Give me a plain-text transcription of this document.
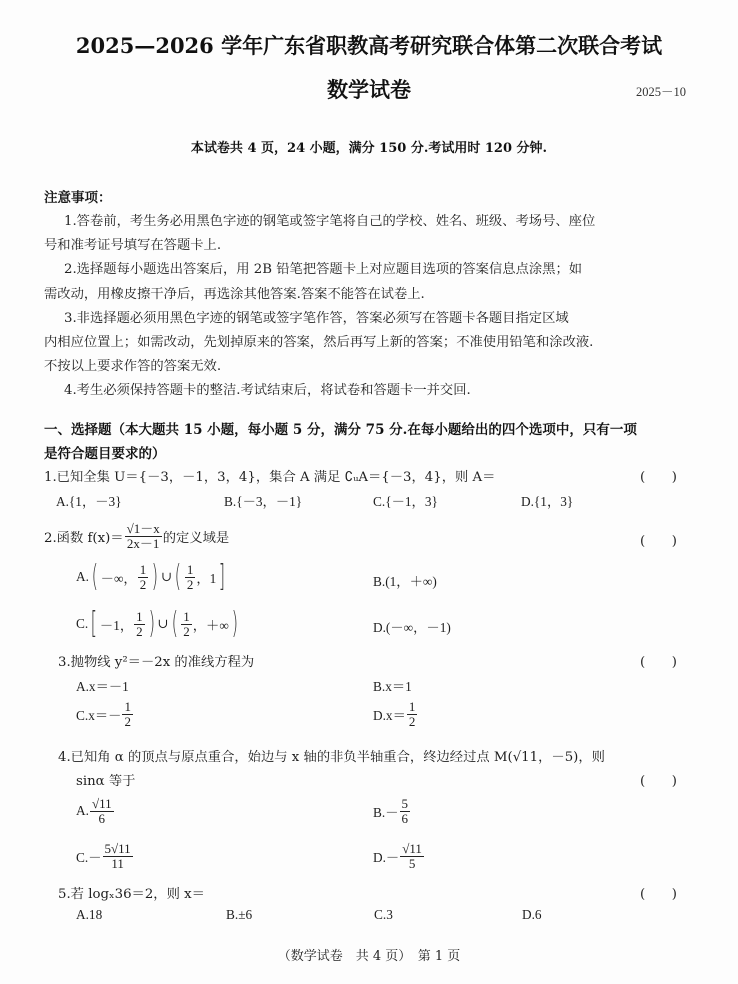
2025—2026 学年广东省职教高考研究联合体第二次联合考试
数学试卷	2025－10
本试卷共 4 页，24 小题，满分 150 分.考试用时 120 分钟.
注意事项：
1.答卷前，考生务必用黑色字迹的钢笔或签字笔将自己的学校、姓名、班级、考场号、座位
号和准考证号填写在答题卡上.
2.选择题每小题选出答案后，用 2B 铅笔把答题卡上对应题目选项的答案信息点涂黑；如
需改动，用橡皮擦干净后，再选涂其他答案.答案不能答在试卷上.
3.非选择题必须用黑色字迹的钢笔或签字笔作答，答案必须写在答题卡各题目指定区域
内相应位置上；如需改动，先划掉原来的答案，然后再写上新的答案；不准使用铅笔和涂改液.
不按以上要求作答的答案无效.
4.考生必须保持答题卡的整洁.考试结束后，将试卷和答题卡一并交回.
一、选择题（本大题共 15 小题，每小题 5 分，满分 75 分.在每小题给出的四个选项中，只有一项
是符合题目要求的）
1.已知全集 U＝{－3，－1，3，4}，集合 A 满足 ∁ᵤA＝{－3，4}，则 A＝	(　　)
A.{1，－3}	B.{－3，－1}	C.{－1，3}	D.{1，3}
2.函数 $f(x)= \frac{√1-x}{2x-1}$ 的定义域是	(　　)
A. ( －∞， $\frac{1}{2}$ ) ∪ ( $\frac{1}{2}$ ，1 ]	B.(1，＋∞)
C. [ －1， $\frac{1}{2}$ ) ∪ ( $\frac{1}{2}$ ，＋∞ )	D.(－∞，－1)
3.抛物线 y²＝－2x 的准线方程为	(　　)
A.x＝－1	B.x＝1
$C.x=- \frac{1}{2}$	$D.x= \frac{1}{2}$
4.已知角 α 的顶点与原点重合，始边与 x 轴的非负半轴重合，终边经过点 M(√11，－5)，则
sinα 等于	(　　)
A. $\frac{√11}{6}$	$B.- \frac{5}{6}$
$C.- \frac{5√11}{11}$	$D.- \frac{√11}{5}$
5.若 logₓ36＝2，则 x＝	(　　)
A.18	B.±6	C.3	D.6
（数学试卷　共 4 页）　第 1 页
